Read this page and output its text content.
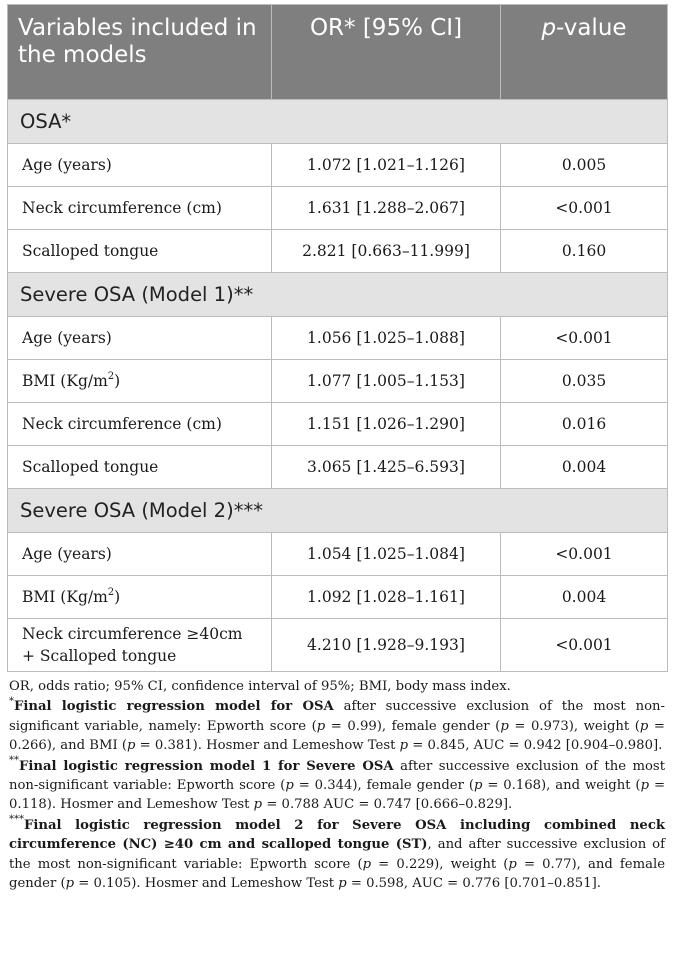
Variables included in the models	OR* [95% CI]	p-value
OSA*		
Age (years)	1.072 [1.021–1.126]	0.005
Neck circumference (cm)	1.631 [1.288–2.067]	<0.001
Scalloped tongue	2.821 [0.663–11.999]	0.160
Severe OSA (Model 1)**		
Age (years)	1.056 [1.025–1.088]	<0.001
BMI $(Kg/m^2)$	1.077 [1.005–1.153]	0.035
Neck circumference (cm)	1.151 [1.026–1.290]	0.016
Scalloped tongue	3.065 [1.425–6.593]	0.004
Severe OSA (Model 2)***		
Age (years)	1.054 [1.025–1.084]	<0.001
BMI $(Kg/m^2)$	1.092 [1.028–1.161]	0.004
Neck circumference ≥40cm
+ Scalloped tongue	4.210 [1.928–9.193]	<0.001

OR, odds ratio; 95% CI, confidence interval of 95%; BMI, body mass index.

*Final logistic regression model for OSA after successive exclusion of the most non-significant variable, namely: Epworth score (p = 0.99), female gender (p = 0.973), weight (p = 0.266), and BMI (p = 0.381). Hosmer and Lemeshow Test p = 0.845, AUC = 0.942 [0.904–0.980].

**Final logistic regression model 1 for Severe OSA after successive exclusion of the most non-significant variable: Epworth score (p = 0.344), female gender (p = 0.168), and weight (p = 0.118). Hosmer and Lemeshow Test p = 0.788 AUC = 0.747 [0.666–0.829].

***Final logistic regression model 2 for Severe OSA including combined neck circumference (NC) ≥40 cm and scalloped tongue (ST), and after successive exclusion of the most non-significant variable: Epworth score (p = 0.229), weight (p = 0.77), and female gender (p = 0.105). Hosmer and Lemeshow Test p = 0.598, AUC = 0.776 [0.701–0.851].
